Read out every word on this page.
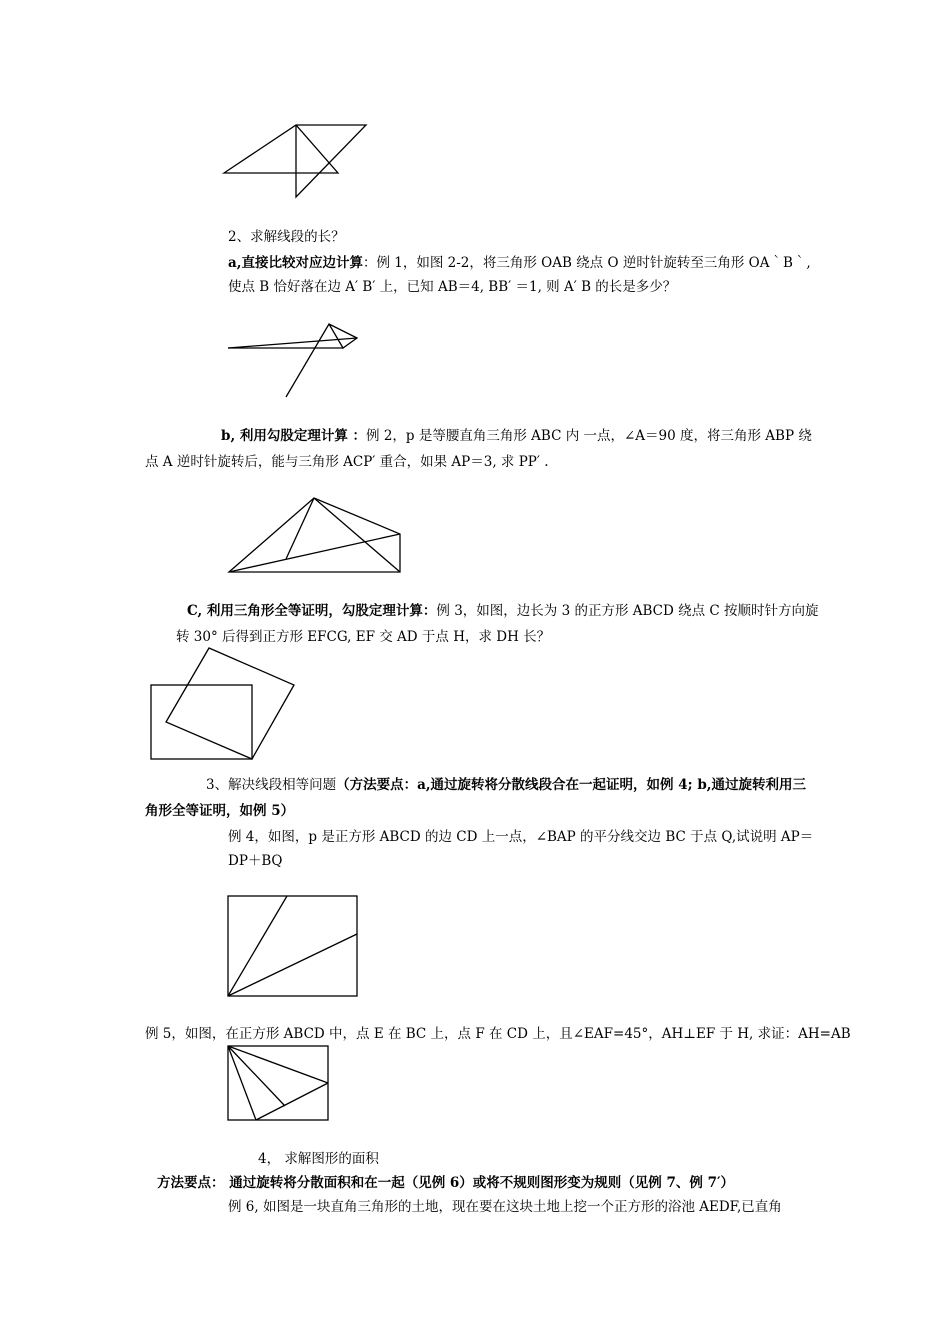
2、求解线段的长？
a,直接比较对应边计算：例 1，如图 2-2，将三角形 OAB 绕点 O 逆时针旋转至三角形 OA｀B｀,
使点 B 恰好落在边 A′ B′ 上，已知 AB＝4, BB′ ＝1, 则 A′ B 的长是多少？
b, 利用勾股定理计算 ：例 2，p 是等腰直角三角形 ABC 内 一点，∠A＝90 度，将三角形 ABP 绕
点 A 逆时针旋转后，能与三角形 ACP′ 重合，如果 AP＝3, 求 PP′ .
C, 利用三角形全等证明，勾股定理计算：例 3，如图，边长为 3 的正方形 ABCD 绕点 C 按顺时针方向旋
转 30° 后得到正方形 EFCG, EF 交 AD 于点 H，求 DH 长？
3、解决线段相等问题（方法要点：a,通过旋转将分散线段合在一起证明，如例 4; b,通过旋转利用三
角形全等证明，如例 5）
例 4，如图，p 是正方形 ABCD 的边 CD 上一点，∠BAP 的平分线交边 BC 于点 Q,试说明 AP＝
DP＋BQ
例 5，如图，在正方形 ABCD 中，点 E 在 BC 上，点 F 在 CD 上，且∠EAF=45°，AH⊥EF 于 H, 求证：AH=AB
4， 求解图形的面积
方法要点： 通过旋转将分散面积和在一起（见例 6）或将不规则图形变为规则（见例 7、例 7′）
例 6, 如图是一块直角三角形的土地，现在要在这块土地上挖一个正方形的浴池 AEDF,已直角
